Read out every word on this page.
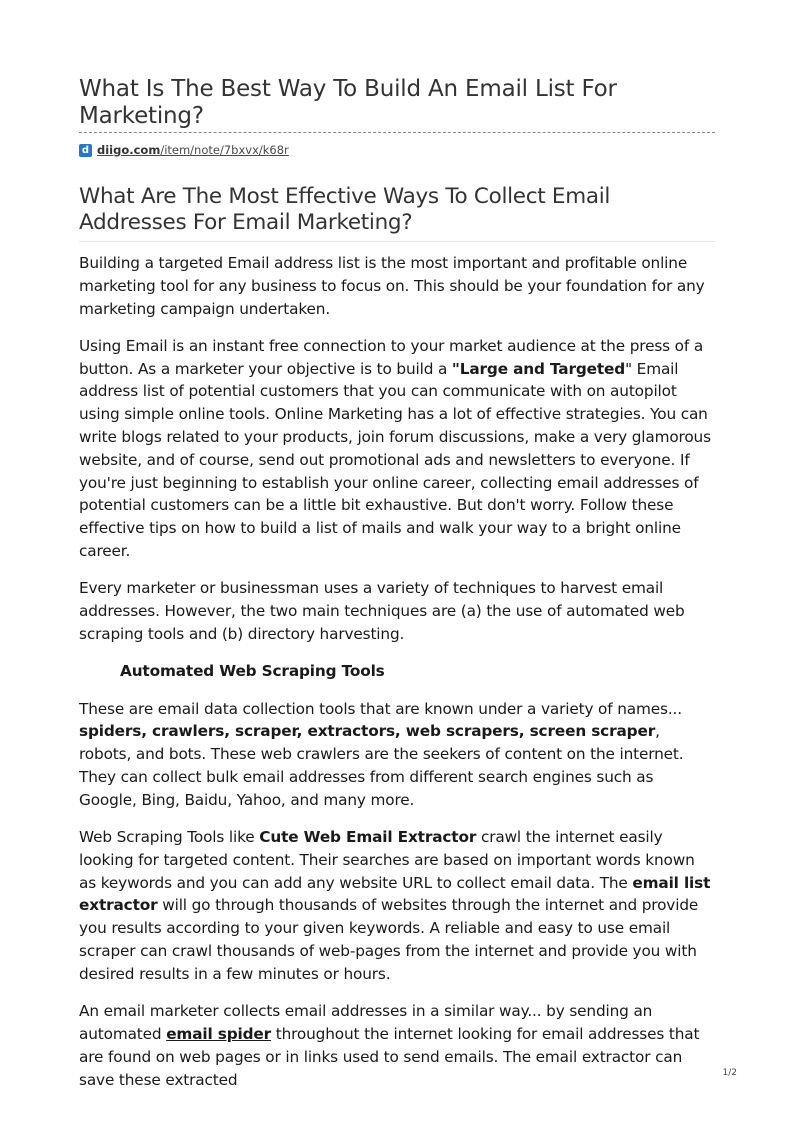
What Is The Best Way To Build An Email List For Marketing?
d diigo.com/item/note/7bxvx/k68r
What Are The Most Effective Ways To Collect Email Addresses For Email Marketing?

Building a targeted Email address list is the most important and profitable online marketing tool for any business to focus on. This should be your foundation for any marketing campaign undertaken.

Using Email is an instant free connection to your market audience at the press of a button. As a marketer your objective is to build a "Large and Targeted" Email address list of potential customers that you can communicate with on autopilot using simple online tools. Online Marketing has a lot of effective strategies. You can write blogs related to your products, join forum discussions, make a very glamorous website, and of course, send out promotional ads and newsletters to everyone. If you're just beginning to establish your online career, collecting email addresses of potential customers can be a little bit exhaustive. But don't worry. Follow these effective tips on how to build a list of mails and walk your way to a bright online career.

Every marketer or businessman uses a variety of techniques to harvest email addresses. However, the two main techniques are (a) the use of automated web scraping tools and (b) directory harvesting.

Automated Web Scraping Tools

These are email data collection tools that are known under a variety of names... spiders, crawlers, scraper, extractors, web scrapers, screen scraper, robots, and bots. These web crawlers are the seekers of content on the internet. They can collect bulk email addresses from different search engines such as Google, Bing, Baidu, Yahoo, and many more.

Web Scraping Tools like Cute Web Email Extractor crawl the internet easily looking for targeted content. Their searches are based on important words known as keywords and you can add any website URL to collect email data. The email list extractor will go through thousands of websites through the internet and provide you results according to your given keywords. A reliable and easy to use email scraper can crawl thousands of web-pages from the internet and provide you with desired results in a few minutes or hours.

An email marketer collects email addresses in a similar way... by sending an automated email spider throughout the internet looking for email addresses that are found on web pages or in links used to send emails. The email extractor can save these extracted	1/2
